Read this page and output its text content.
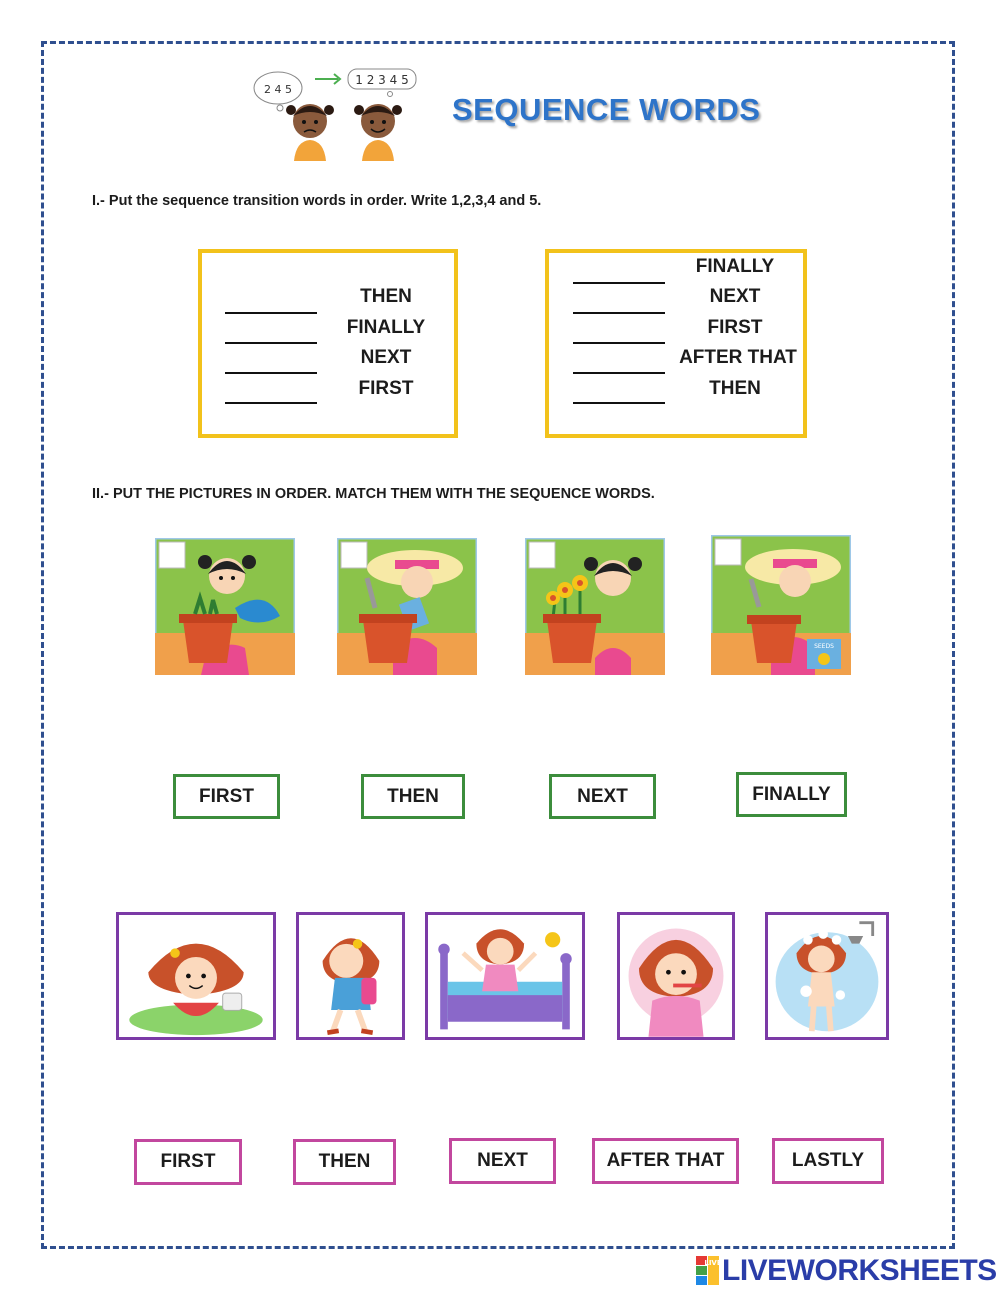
2 4 5
1 2 3 4 5
SEQUENCE WORDS
I.- Put the sequence transition words in order. Write 1,2,3,4 and 5.
THEN
FINALLY
NEXT
FIRST
FINALLY
NEXT
FIRST
AFTER THAT
THEN
II.- PUT THE PICTURES IN ORDER. MATCH THEM WITH THE SEQUENCE WORDS.
SEEDS
FIRST	THEN	NEXT	FINALLY
FIRST	THEN	NEXT	AFTER THAT	LASTLY
LIVE LIVEWORKSHEETS
